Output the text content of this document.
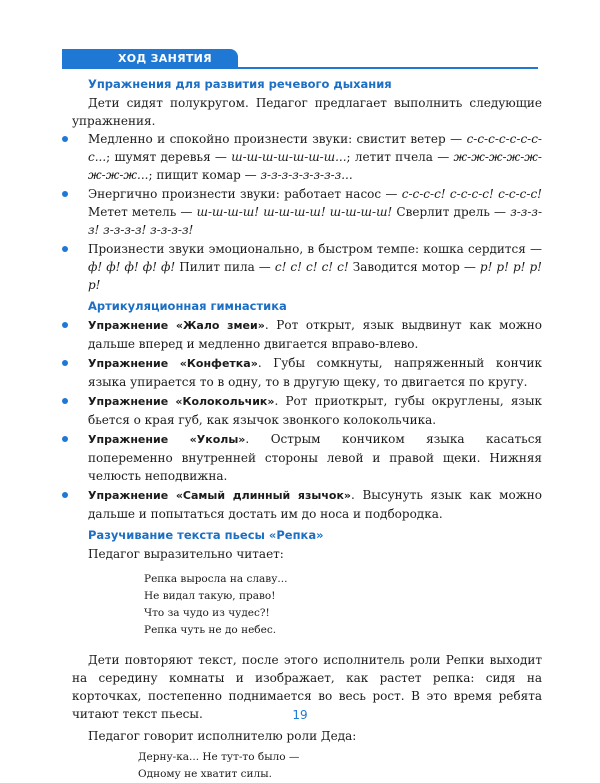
ХОД ЗАНЯТИЯ
Упражнения для развития речевого дыхания

Дети сидят полукругом. Педагог предлагает выполнить следующие упражнения.

Медленно и спокойно произнести звуки: свистит ветер — с-с-с-с-с-с-с-с...; шумят деревья — ш-ш-ш-ш-ш-ш-ш...; летит пчела — ж-ж-ж-ж-ж-ж-ж-ж...; пищит комар — з-з-з-з-з-з-з-з...
Энергично произнести звуки: работает насос — с-с-с-с! с-с-с-с! с-с-с-с! Метет метель — ш-ш-ш-ш! ш-ш-ш-ш! ш-ш-ш-ш! Сверлит дрель — з-з-з-з! з-з-з-з! з-з-з-з!
Произнести звуки эмоционально, в быстром темпе: кошка сердится — ф! ф! ф! ф! ф! Пилит пила — с! с! с! с! с! Заводится мотор — р! р! р! р! р!
Артикуляционная гимнастика
Упражнение «Жало змеи». Рот открыт, язык выдвинут как можно дальше вперед и медленно двигается вправо-влево.
Упражнение «Конфетка». Губы сомкнуты, напряженный кончик языка упирается то в одну, то в другую щеку, то двигается по кругу.
Упражнение «Колокольчик». Рот приоткрыт, губы округлены, язык бьется о края губ, как язычок звонкого колокольчика.
Упражнение «Уколы». Острым кончиком языка касаться попеременно внутренней стороны левой и правой щеки. Нижняя челюсть неподвижна.
Упражнение «Самый длинный язычок». Высунуть язык как можно дальше и попытаться достать им до носа и подбородка.
Разучивание текста пьесы «Репка»

Педагог выразительно читает:

Репка выросла на славу...
Не видал такую, право!
Что за чудо из чудес?!
Репка чуть не до небес.

Дети повторяют текст, после этого исполнитель роли Репки выходит на середину комнаты и изображает, как растет репка: сидя на корточках, постепенно поднимается во весь рост. В это время ребята читают текст пьесы.

Педагог говорит исполнителю роли Деда:

Дерну-ка... Не тут-то было —
Одному не хватит силы.
19
